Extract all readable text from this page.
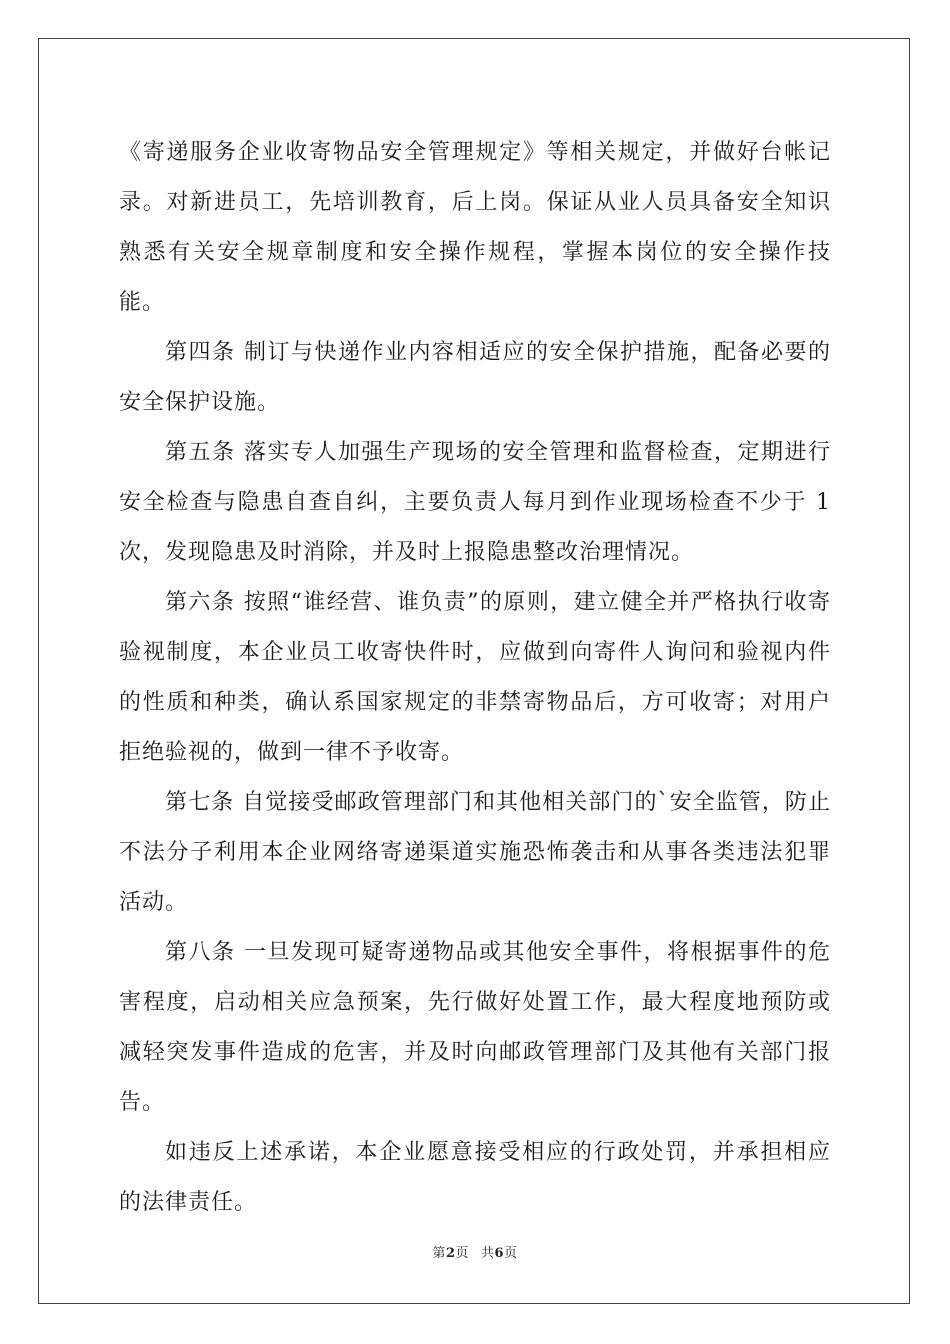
《寄递服务企业收寄物品安全管理规定》等相关规定，并做好台帐记录。对新进员工，先培训教育，后上岗。保证从业人员具备安全知识熟悉有关安全规章制度和安全操作规程，掌握本岗位的安全操作技能。

第四条 制订与快递作业内容相适应的安全保护措施，配备必要的安全保护设施。

第五条 落实专人加强生产现场的安全管理和监督检查，定期进行安全检查与隐患自查自纠，主要负责人每月到作业现场检查不少于 1 次，发现隐患及时消除，并及时上报隐患整改治理情况。

第六条 按照“谁经营、谁负责”的原则，建立健全并严格执行收寄验视制度，本企业员工收寄快件时，应做到向寄件人询问和验视内件的性质和种类，确认系国家规定的非禁寄物品后，方可收寄；对用户拒绝验视的，做到一律不予收寄。

第七条 自觉接受邮政管理部门和其他相关部门的`安全监管，防止不法分子利用本企业网络寄递渠道实施恐怖袭击和从事各类违法犯罪活动。

第八条 一旦发现可疑寄递物品或其他安全事件，将根据事件的危害程度，启动相关应急预案，先行做好处置工作，最大程度地预防或减轻突发事件造成的危害，并及时向邮政管理部门及其他有关部门报告。

如违反上述承诺，本企业愿意接受相应的行政处罚，并承担相应的法律责任。

第2页 共6页
